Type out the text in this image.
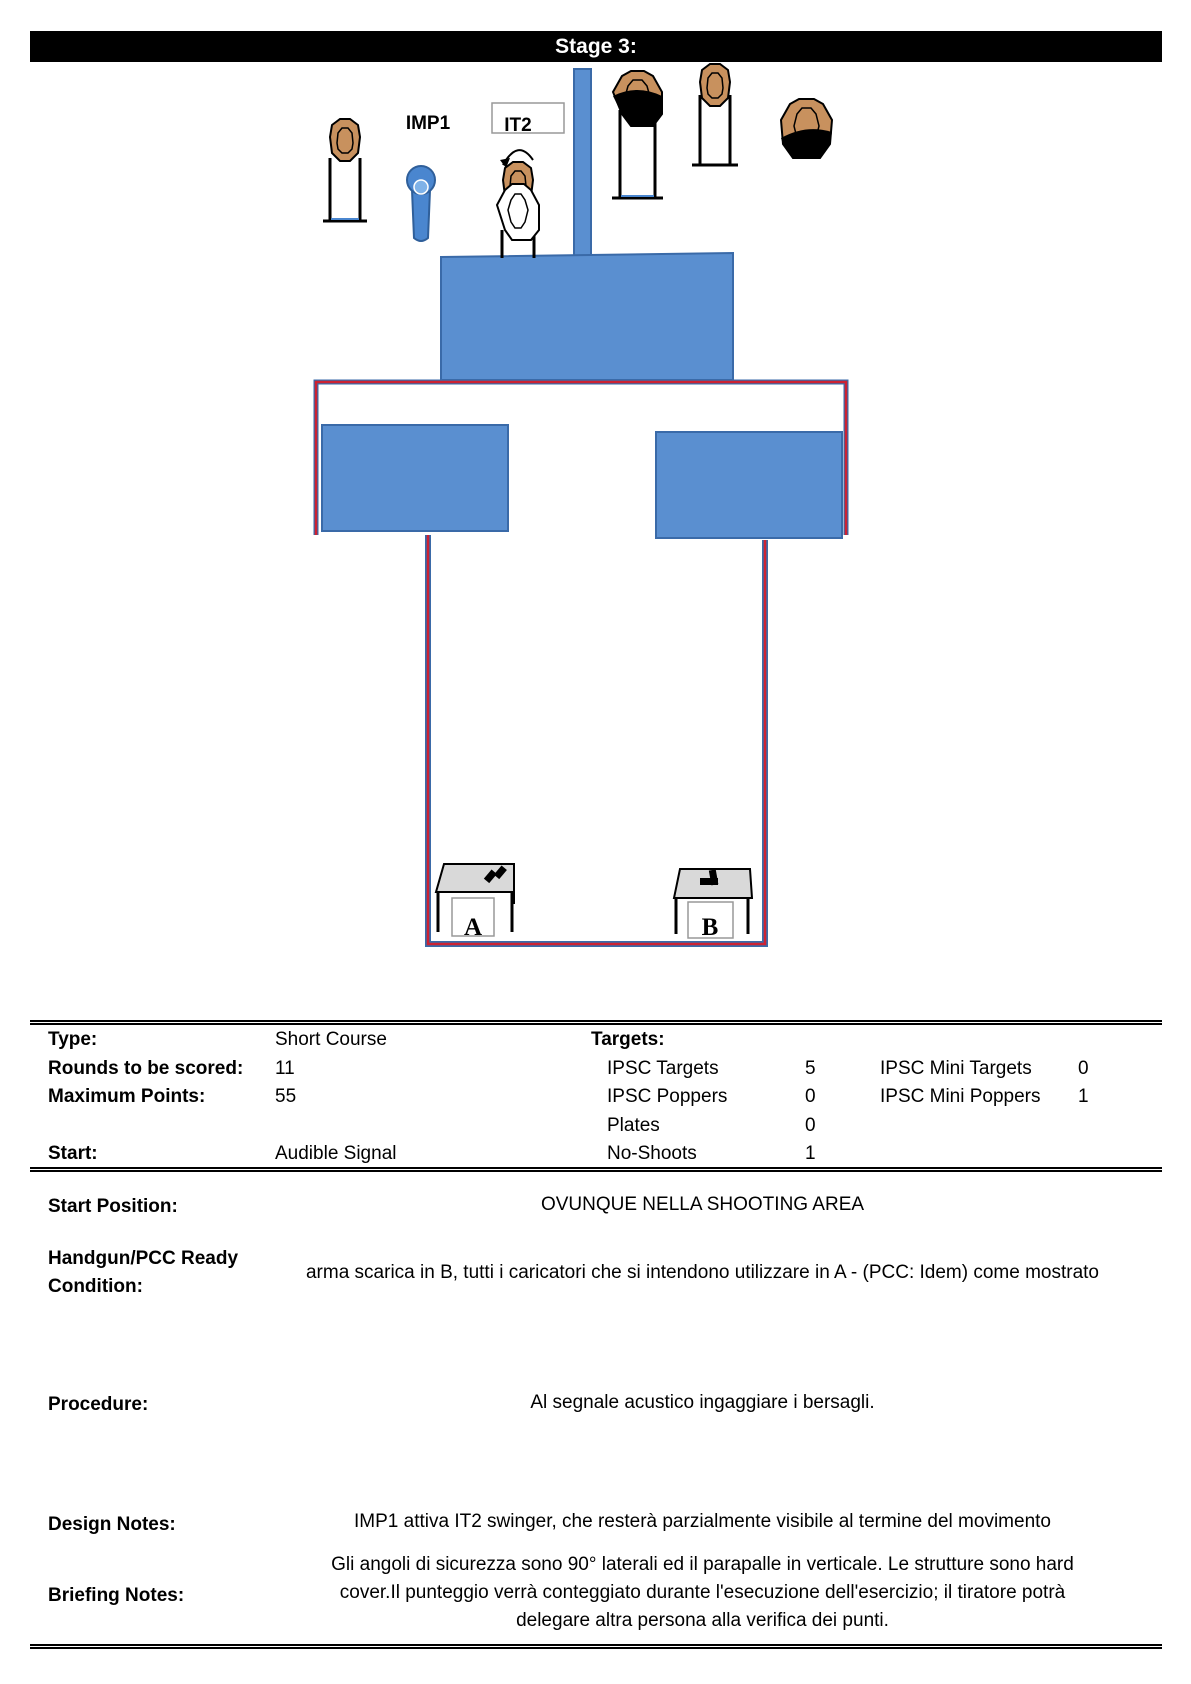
Stage 3:
IMP1	IT2
A	B
Type:	Short Course	Targets:
Rounds to be scored: 11	IPSC Targets	5	IPSC Mini Targets 0
Maximum Points:	55	IPSC Poppers	0	IPSC Mini Poppers 1
Plates	0
Start:	Audible Signal	No-Shoots	1
Start Position:	OVUNQUE NELLA SHOOTING AREA
Handgun/PCC Ready
Condition:
arma scarica in B, tutti i caricatori che si intendono utilizzare in A - (PCC: Idem) come mostrato
Procedure:	Al segnale acustico ingaggiare i bersagli.
Design Notes:	IMP1 attiva IT2 swinger, che resterà parzialmente visibile al termine del movimento
Briefing Notes:
Gli angoli di sicurezza sono 90° laterali ed il parapalle in verticale. Le strutture sono hard
cover.Il punteggio verrà conteggiato durante l'esecuzione dell'esercizio; il tiratore potrà
delegare altra persona alla verifica dei punti.
